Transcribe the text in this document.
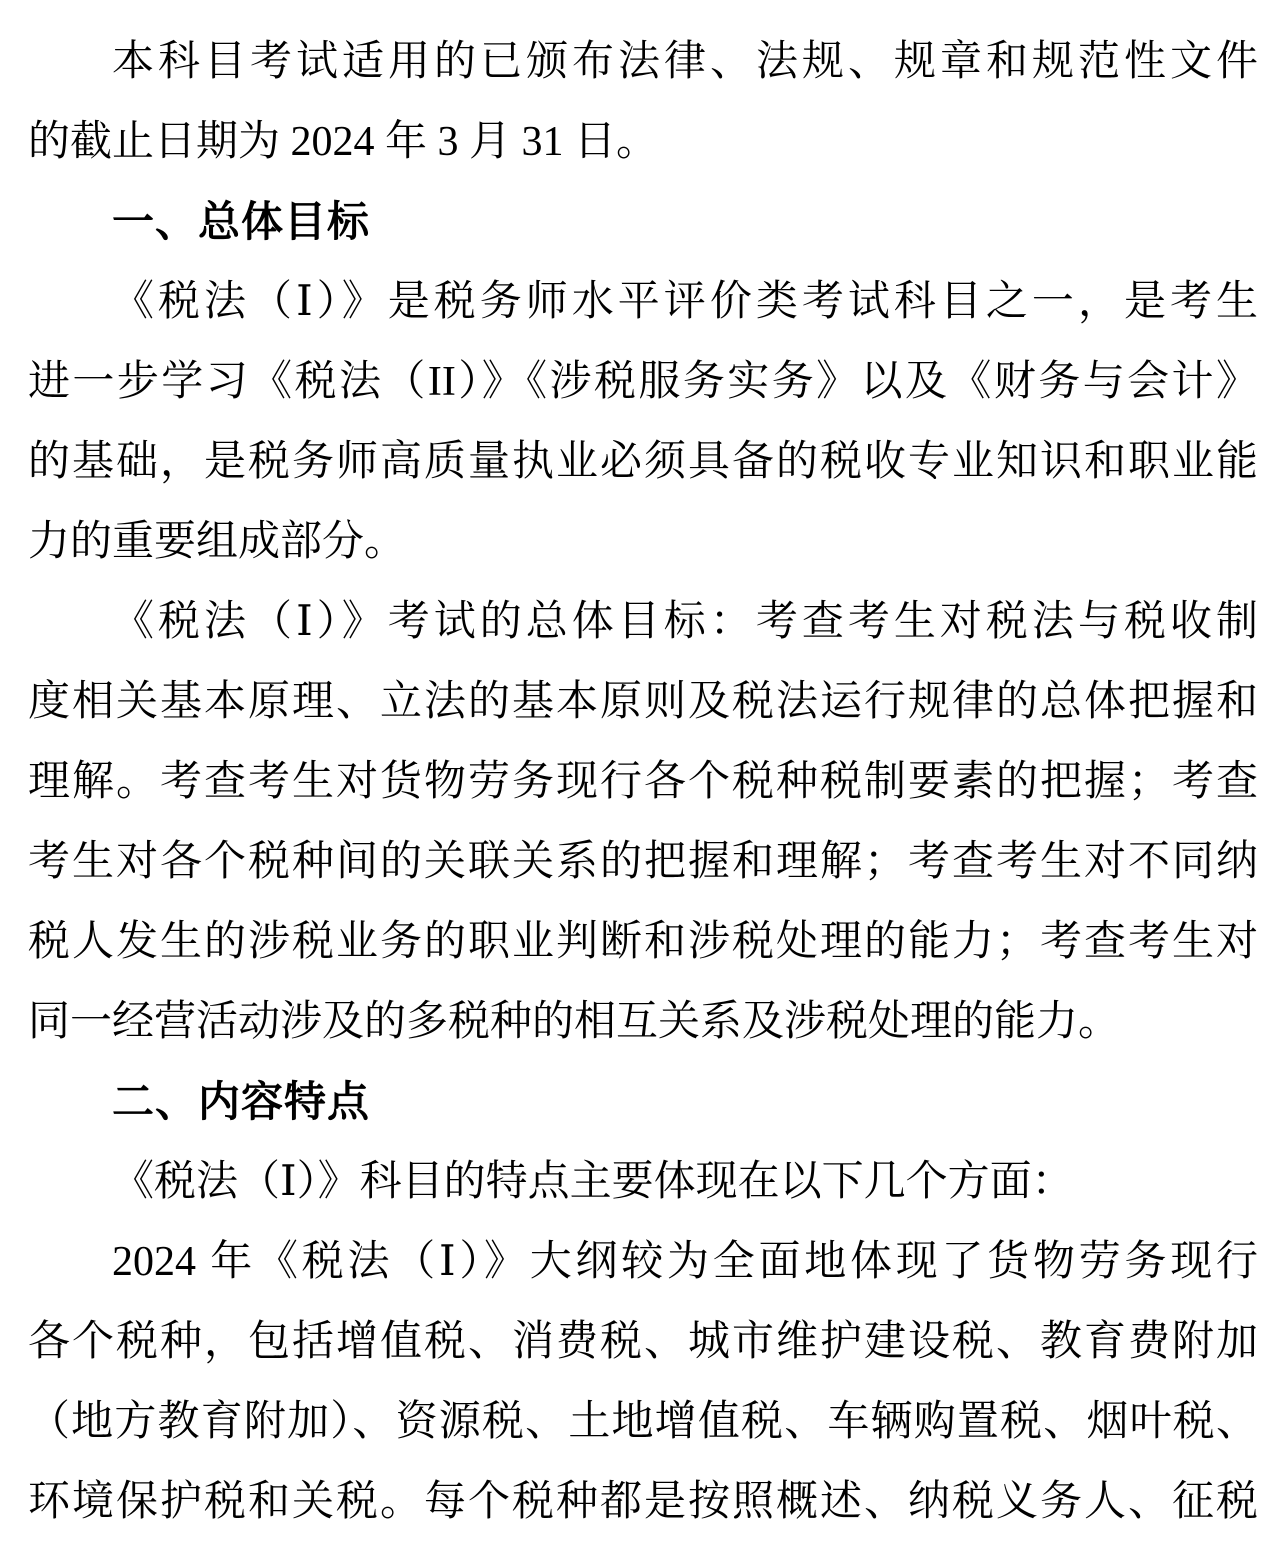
本科目考试适用的已颁布法律、法规、规章和规范性文件
的截止日期为 2024 年 3 月 31 日。
一、总体目标
《税法（Ⅰ）》是税务师水平评价类考试科目之一，是考生
进一步学习《税法（II）》《涉税服务实务》以及《财务与会计》
的基础，是税务师高质量执业必须具备的税收专业知识和职业能
力的重要组成部分。
《税法（Ⅰ）》考试的总体目标：考查考生对税法与税收制
度相关基本原理、立法的基本原则及税法运行规律的总体把握和
理解。考查考生对货物劳务现行各个税种税制要素的把握；考查
考生对各个税种间的关联关系的把握和理解；考查考生对不同纳
税人发生的涉税业务的职业判断和涉税处理的能力；考查考生对
同一经营活动涉及的多税种的相互关系及涉税处理的能力。
二、内容特点
《税法（Ⅰ）》科目的特点主要体现在以下几个方面：
2024 年《税法（Ⅰ）》大纲较为全面地体现了货物劳务现行
各个税种，包括增值税、消费税、城市维护建设税、教育费附加
（地方教育附加）、资源税、土地增值税、车辆购置税、烟叶税、
环境保护税和关税。每个税种都是按照概述、纳税义务人、征税
